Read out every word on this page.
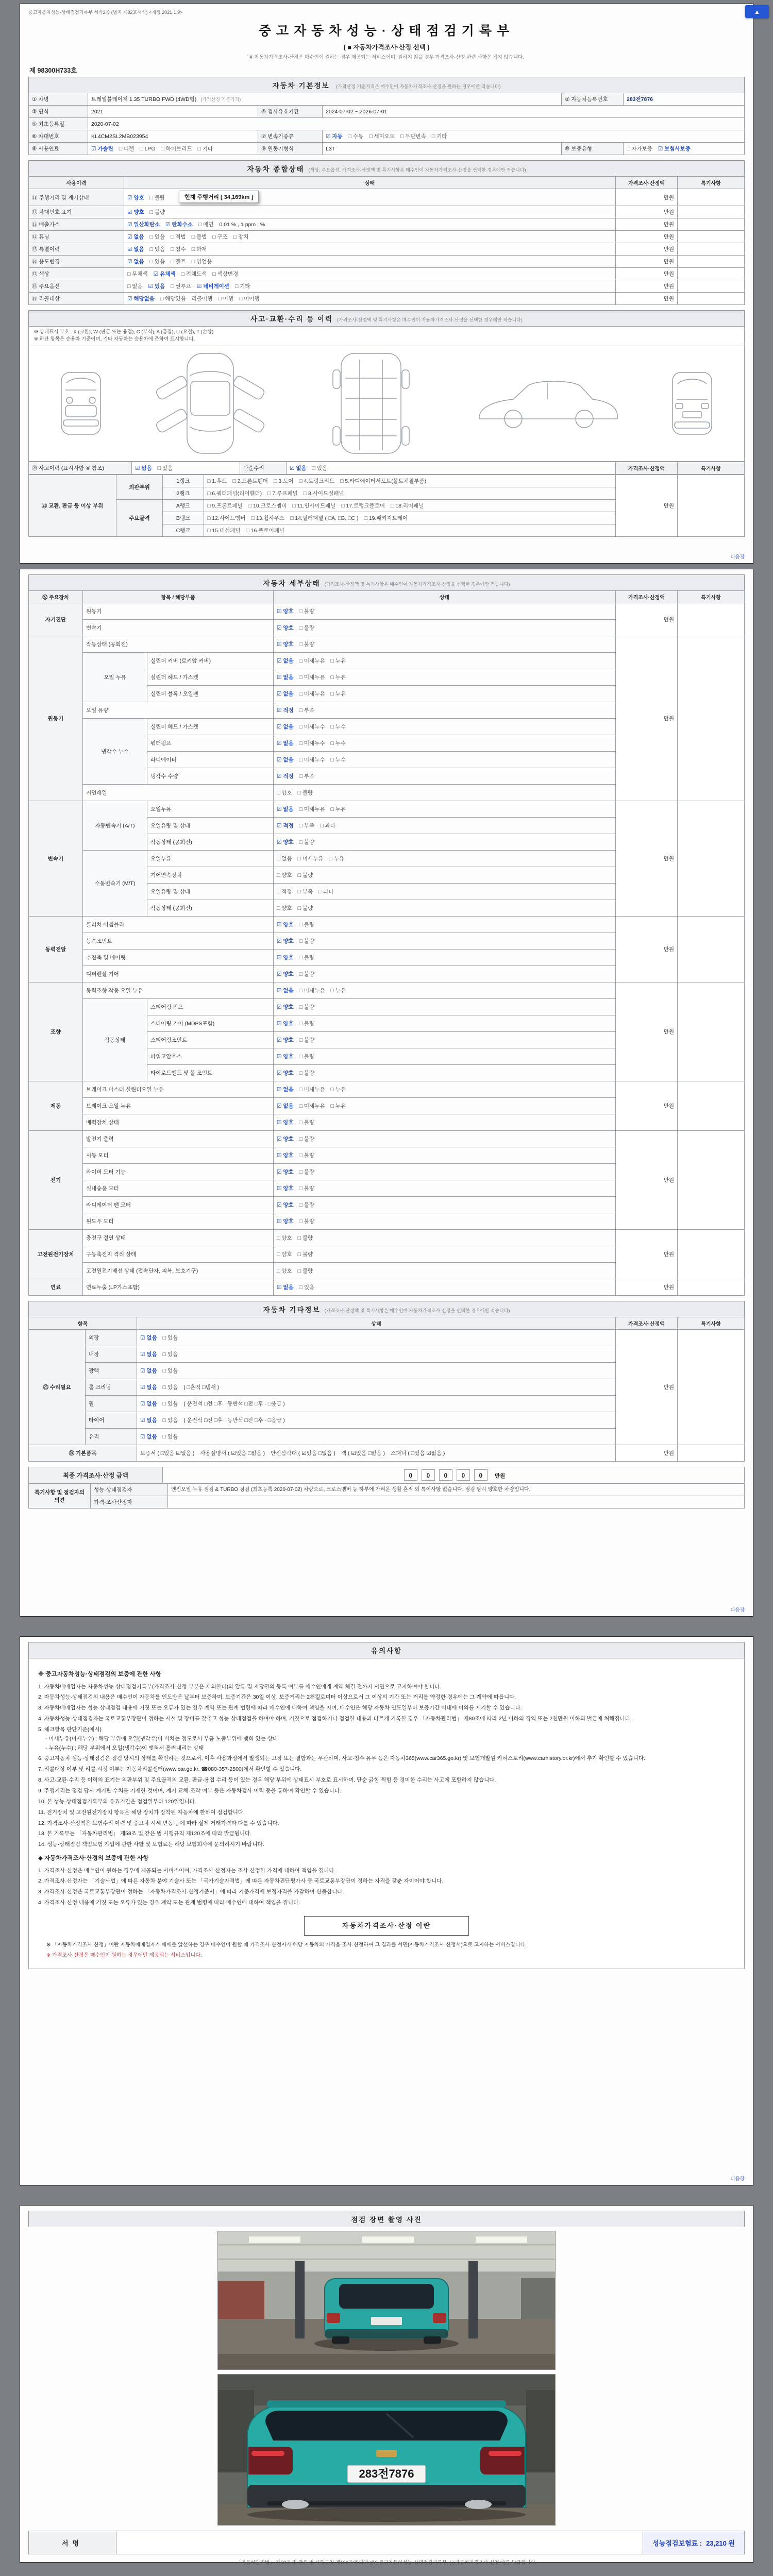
▲
중고자동차성능·상태점검기록부 서식2종 (별지 제82호서식) <개정 2021.1.9>
중고자동차성능·상태점검기록부
( ■ 자동차가격조사·산정 선택 )
※ 자동차가격조사·산정은 매수인이 원하는 경우 제공되는 서비스이며, 원하지 않을 경우 가격조사·산정 관련 사항은 적지 않습니다.
제 98300H733호
자동차 기본정보 (가격산정 기준가격은 매수인이 자동차가격조사·산정을 원하는 경우에만 적습니다)
① 차명	트레일블레이저 1.35 TURBO FWD (4WD형) (가격산정 기준가격)			② 자동차등록번호	283전7876
③ 연식	2021	④ 검사유효기간	2024-07-02 ~ 2026-07-01		
⑤ 최초등록일	2020-07-02				
⑥ 차대번호	KL4CM2SL2MB023954	⑦ 변속기종류	☑ 자동 □ 수동 □ 세미오토 □ 무단변속 □ 기타		
⑧ 사용연료	☑ 가솔린 □ 디젤 □ LPG □ 하이브리드 □ 기타	⑨ 원동기형식	L3T	⑩ 보증유형	□ 자가보증 ☑ 보험사보증
자동차 종합상태 (색상, 주요옵션, 가격조사·산정액 및 특기사항은 매수인이 자동차가격조사·산정을 선택한 경우에만 적습니다)
사용이력	상태	가격조사·산정액	특기사항
⑪ 주행거리 및 계기상태	☑ 양호 □ 불량 현재 주행거리 [ 34,169km ]	만원	
⑫ 차대번호 표기	☑ 양호 □ 불량	만원	
⑬ 배출가스	☑ 일산화탄소 ☑ 탄화수소 □ 매연 0.01 % , 1 ppm , %	만원	
⑭ 튜닝	☑ 없음 □ 있음 □ 적법 □ 불법 □ 구조 □ 장치	만원	
⑮ 특별이력	☑ 없음 □ 있음 □ 침수 □ 화재	만원	
⑯ 용도변경	☑ 없음 □ 있음 □ 렌트 □ 영업용	만원	
⑰ 색상	□ 무채색 ☑ 유채색 □ 전체도색 □ 색상변경	만원	
⑱ 주요옵션	□ 없음 ☑ 있음 □ 썬루프 ☑ 네비게이션 □ 기타	만원	
⑲ 리콜대상	☑ 해당없음 □ 해당있음 리콜이행 □ 이행 □ 미이행	만원	
사고·교환·수리 등 이력 (가격조사·산정액 및 특기사항은 매수인이 자동차가격조사·산정을 선택한 경우에만 적습니다)
※ 상태표시 부호 : X (교환), W (판금 또는 용접), C (부식), A (흠집), U (요철), T (손상)
※ 하단 항목은 승용차 기준이며, 기타 자동차는 승용차에 준하여 표시합니다.
⑳ 사고이력 (표시사항 ④ 참조)	☑ 없음 □ 있음	단순수리	☑ 없음 □ 있음	가격조사·산정액	특기사항
㉑ 교환, 판금 등 이상 부위	외판부위	1랭크	□ 1.후드 □ 2.프론트휀더 □ 3.도어 □ 4.트렁크리드 □ 5.라디에이터서포트(볼트체결부품)	만원	
		2랭크	□ 6.쿼터패널(리어휀더) □ 7.루프패널 □ 8.사이드실패널		
	주요골격	A랭크	□ 9.프론트패널 □ 10.크로스멤버 □ 11.인사이드패널 □ 17.트렁크플로어 □ 18.리어패널		
		B랭크	□ 12.사이드멤버 □ 13.휠하우스 □ 14.필러패널 ( □A, □B, □C ) □ 19.패키지트레이		
		C랭크	□ 15.대쉬패널 □ 16.플로어패널		
다음장
자동차 세부상태 (가격조사·산정액 및 특기사항은 매수인이 자동차가격조사·산정을 선택한 경우에만 적습니다)
㉒ 주요장치	항목 / 해당부품		상태	가격조사·산정액	특기사항
자기진단	원동기		☑ 양호 □ 불량	만원	
	변속기		☑ 양호 □ 불량		
원동기	작동상태 (공회전)		☑ 양호 □ 불량	만원	
	오일 누유	실린더 커버 (로커암 커버)	☑ 없음 □ 미세누유 □ 누유		
		실린더 헤드 / 가스켓	☑ 없음 □ 미세누유 □ 누유		
		실린더 블록 / 오일팬	☑ 없음 □ 미세누유 □ 누유		
	오일 유량		☑ 적정 □ 부족		
	냉각수 누수	실린더 헤드 / 가스켓	☑ 없음 □ 미세누수 □ 누수		
		워터펌프	☑ 없음 □ 미세누수 □ 누수		
		라디에이터	☑ 없음 □ 미세누수 □ 누수		
		냉각수 수량	☑ 적정 □ 부족		
	커먼레일		□ 양호 □ 불량		
변속기	자동변속기 (A/T)	오일누유	☑ 없음 □ 미세누유 □ 누유	만원	
		오일유량 및 상태	☑ 적정 □ 부족 □ 과다		
		작동상태 (공회전)	☑ 양호 □ 불량		
	수동변속기 (M/T)	오일누유	□ 없음 □ 미세누유 □ 누유		
		기어변속장치	□ 양호 □ 불량		
		오일유량 및 상태	□ 적정 □ 부족 □ 과다		
		작동상태 (공회전)	□ 양호 □ 불량		
동력전달	클러치 어셈블리		☑ 양호 □ 불량	만원	
	등속조인트		☑ 양호 □ 불량		
	추진축 및 베어링		☑ 양호 □ 불량		
	디퍼렌셜 기어		☑ 양호 □ 불량		
조향	동력조향 작동 오일 누유		☑ 없음 □ 미세누유 □ 누유	만원	
	작동상태	스티어링 펌프	☑ 양호 □ 불량		
		스티어링 기어 (MDPS포함)	☑ 양호 □ 불량		
		스티어링조인트	☑ 양호 □ 불량		
		파워고압호스	☑ 양호 □ 불량		
		타이로드엔드 및 볼 조인트	☑ 양호 □ 불량		
제동	브레이크 마스터 실린더오일 누유		☑ 없음 □ 미세누유 □ 누유	만원	
	브레이크 오일 누유		☑ 없음 □ 미세누유 □ 누유		
	배력장치 상태		☑ 양호 □ 불량		
전기	발전기 출력		☑ 양호 □ 불량	만원	
	시동 모터		☑ 양호 □ 불량		
	와이퍼 모터 기능		☑ 양호 □ 불량		
	실내송풍 모터		☑ 양호 □ 불량		
	라디에이터 팬 모터		☑ 양호 □ 불량		
	윈도우 모터		☑ 양호 □ 불량		
고전원전기장치	충전구 절연 상태		□ 양호 □ 불량	만원	
	구동축전지 격리 상태		□ 양호 □ 불량		
	고전원전기배선 상태 (접속단자, 피복, 보호기구)		□ 양호 □ 불량		
연료	연료누출 (LP가스포함)		☑ 없음 □ 있음	만원	
자동차 기타정보 (가격조사·산정액 및 특기사항은 매수인이 자동차가격조사·산정을 선택한 경우에만 적습니다)
항목		상태	가격조사·산정액	특기사항
㉓ 수리필요	외장	☑ 없음 □ 있음	만원	
	내장	☑ 없음 □ 있음		
	광택	☑ 없음 □ 있음		
	룸 크리닝	☑ 없음 □ 있음 ( □흔적 □냄새 )		
	휠	☑ 없음 □ 있음 ( 운전석 □전 □후 · 동반석 □전 □후 · □응급 )		
	타이어	☑ 없음 □ 있음 ( 운전석 □전 □후 · 동반석 □전 □후 · □응급 )		
	유리	☑ 없음 □ 있음		
㉔ 기본품목		보증서 ( □있음 ☑없음 ) 사용설명서 ( ☑있음 □없음 ) 안전삼각대 ( ☑있음 □없음 ) 잭 ( ☑있음 □없음 ) 스패너 ( □있음 ☑없음 )	만원	
최종 가격조사·산정 금액	0 0 0 0 0 만원
특기사항 및 점검자의 의견	성능·상태점검자	엔진오일 누유 점검 & TURBO 점검 (최초등록 2020-07-02) 차량으로, 크로스멤버 등 하부에 가벼운 생활 흔적 외 특이사항 없습니다. 점검 당시 양호한 차량입니다.
	가격·조사산정자	
다음장
유의사항
※ 중고자동차성능·상태점검의 보증에 관한 사항
1. 자동차매매업자는 자동차성능·상태점검기록부(가격조사·산정 부분은 제외한다)와 압류 및 저당권의 등록 여부를 매수인에게 계약 체결 전까지 서면으로 고지하여야 합니다.
2. 자동차성능·상태점검의 내용은 매수인이 자동차를 인도받은 날부터 보증하며, 보증기간은 30일 이상, 보증거리는 2천킬로미터 이상으로서 그 이상의 기간 또는 거리를 약정한 경우에는 그 계약에 따릅니다.
3. 자동차매매업자는 성능·상태점검 내용에 거짓 또는 오류가 있는 경우 계약 또는 관계 법령에 따라 매수인에 대하여 책임을 지며, 매수인은 해당 자동차 인도일부터 보증기간 이내에 이의를 제기할 수 있습니다.
4. 자동차성능·상태점검자는 국토교통부장관이 정하는 시설 및 장비를 갖추고 성능·상태점검을 하여야 하며, 거짓으로 점검하거나 점검한 내용과 다르게 기록한 경우 「자동차관리법」 제80조에 따라 2년 이하의 징역 또는 2천만원 이하의 벌금에 처해집니다.
5. 체크항목 판단기준(예시)
- 미세누유(미세누수) : 해당 부위에 오일(냉각수)이 비치는 정도로서 부품 노출부위에 맺혀 있는 상태
- 누유(누수) : 해당 부위에서 오일(냉각수)이 맺혀서 흘러내리는 상태
6. 중고자동차 성능·상태점검은 점검 당시의 상태를 확인하는 것으로서, 이후 사용과정에서 발생되는 고장 또는 결함과는 무관하며, 사고·침수 유무 등은 자동차365(www.car365.go.kr) 및 보험개발원 카히스토리(www.carhistory.or.kr)에서 추가 확인할 수 있습니다.
7. 리콜대상 여부 및 리콜 시정 여부는 자동차리콜센터(www.car.go.kr, ☎080-357-2500)에서 확인할 수 있습니다.
8. 사고·교환·수리 등 이력의 표기는 외판부위 및 주요골격의 교환, 판금·용접 수리 등이 있는 경우 해당 부위에 상태표시 부호로 표시하며, 단순 긁힘·찍힘 등 경미한 수리는 사고에 포함하지 않습니다.
9. 주행거리는 점검 당시 계기판 수치를 기재한 것이며, 계기 교체·조작 여부 등은 자동차검사 이력 등을 통하여 확인할 수 있습니다.
10. 본 성능·상태점검기록부의 유효기간은 점검일부터 120일입니다.
11. 전기장치 및 고전원전기장치 항목은 해당 장치가 장착된 자동차에 한하여 점검합니다.
12. 가격조사·산정액은 보험수리 이력 및 중고차 시세 변동 등에 따라 실제 거래가격과 다를 수 있습니다.
13. 본 기록부는 「자동차관리법」 제58조 및 같은 법 시행규칙 제120조에 따라 발급됩니다.
14. 성능·상태점검 책임보험 가입에 관한 사항 및 보험료는 해당 보험회사에 문의하시기 바랍니다.
◆ 자동차가격조사·산정의 보증에 관한 사항
1. 가격조사·산정은 매수인이 원하는 경우에 제공되는 서비스이며, 가격조사·산정자는 조사·산정한 가격에 대하여 책임을 집니다.
2. 가격조사·산정자는 「기술사법」에 따른 자동차 분야 기술사 또는 「국가기술자격법」에 따른 자동차진단평가사 등 국토교통부장관이 정하는 자격을 갖춘 자이어야 합니다.
3. 가격조사·산정은 국토교통부장관이 정하는 「자동차가격조사·산정기준서」에 따라 기준가격에 보정가격을 가감하여 산출합니다.
4. 가격조사·산정 내용에 거짓 또는 오류가 있는 경우 계약 또는 관계 법령에 따라 매수인에 대하여 책임을 집니다.
자동차가격조사·산정 이란
※ 「자동차가격조사·산정」이란 자동차매매업자가 매매를 알선하는 경우 매수인이 원할 때 가격조사·산정자가 해당 자동차의 가격을 조사·산정하여 그 결과를 서면(자동차가격조사·산정서)으로 고지하는 서비스입니다.
※ 가격조사·산정은 매수인이 원하는 경우에만 제공되는 서비스입니다.
다음장
점검 장면 촬영 사진
283전7876
서명	성능점검보험료 : 23,210 원
「자동차관리법」 제58조 및 같은 법 시행규칙 제120조에 따라 ([Ⅴ] 중고자동차성능·상태점검기록부, [ ] 자동차가격조사·산정서)를 발급합니다.
